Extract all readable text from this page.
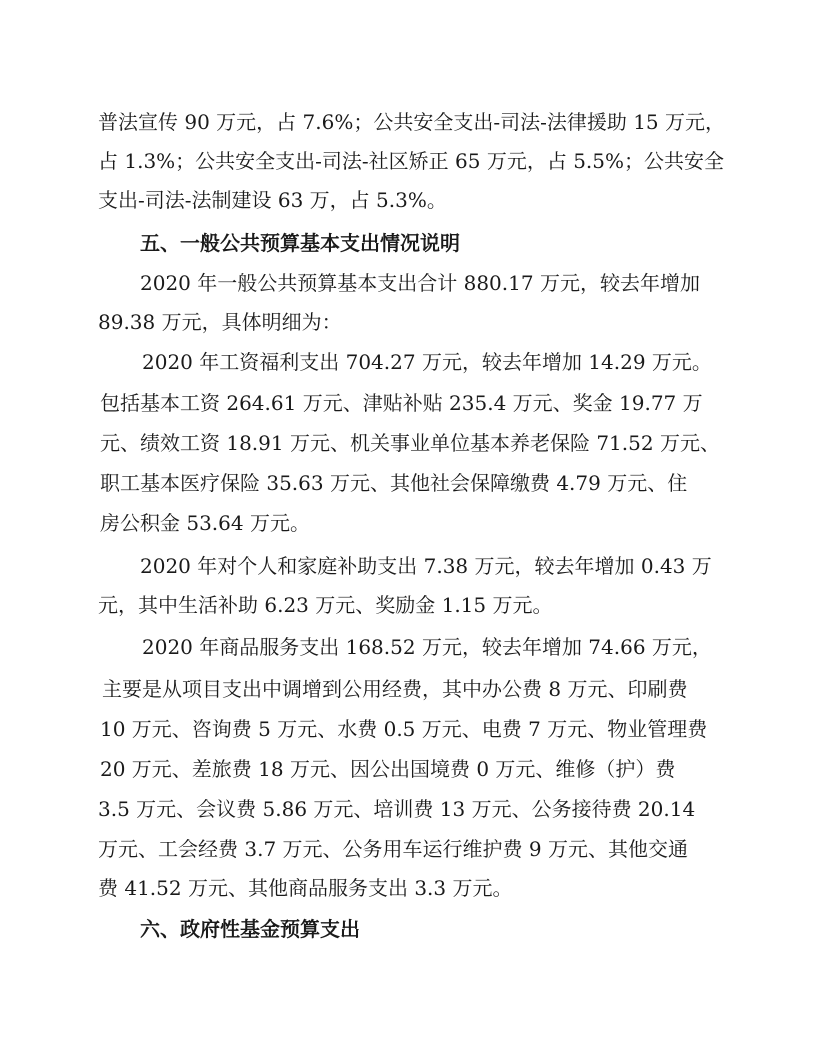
普法宣传 90 万元，占 7.6%；公共安全支出-司法-法律援助 15 万元，
占 1.3%；公共安全支出-司法-社区矫正 65 万元，占 5.5%；公共安全
支出-司法-法制建设 63 万，占 5.3%。
五、一般公共预算基本支出情况说明
2020 年一般公共预算基本支出合计 880.17 万元，较去年增加
89.38 万元，具体明细为：
2020 年工资福利支出 704.27 万元，较去年增加 14.29 万元。
包括基本工资 264.61 万元、津贴补贴 235.4 万元、奖金 19.77 万
元、绩效工资 18.91 万元、机关事业单位基本养老保险 71.52 万元、
职工基本医疗保险 35.63 万元、其他社会保障缴费 4.79 万元、住
房公积金 53.64 万元。
2020 年对个人和家庭补助支出 7.38 万元，较去年增加 0.43 万
元，其中生活补助 6.23 万元、奖励金 1.15 万元。
2020 年商品服务支出 168.52 万元，较去年增加 74.66 万元，
主要是从项目支出中调增到公用经费，其中办公费 8 万元、印刷费
10 万元、咨询费 5 万元、水费 0.5 万元、电费 7 万元、物业管理费
20 万元、差旅费 18 万元、因公出国境费 0 万元、维修（护）费
3.5 万元、会议费 5.86 万元、培训费 13 万元、公务接待费 20.14
万元、工会经费 3.7 万元、公务用车运行维护费 9 万元、其他交通
费 41.52 万元、其他商品服务支出 3.3 万元。
六、政府性基金预算支出
